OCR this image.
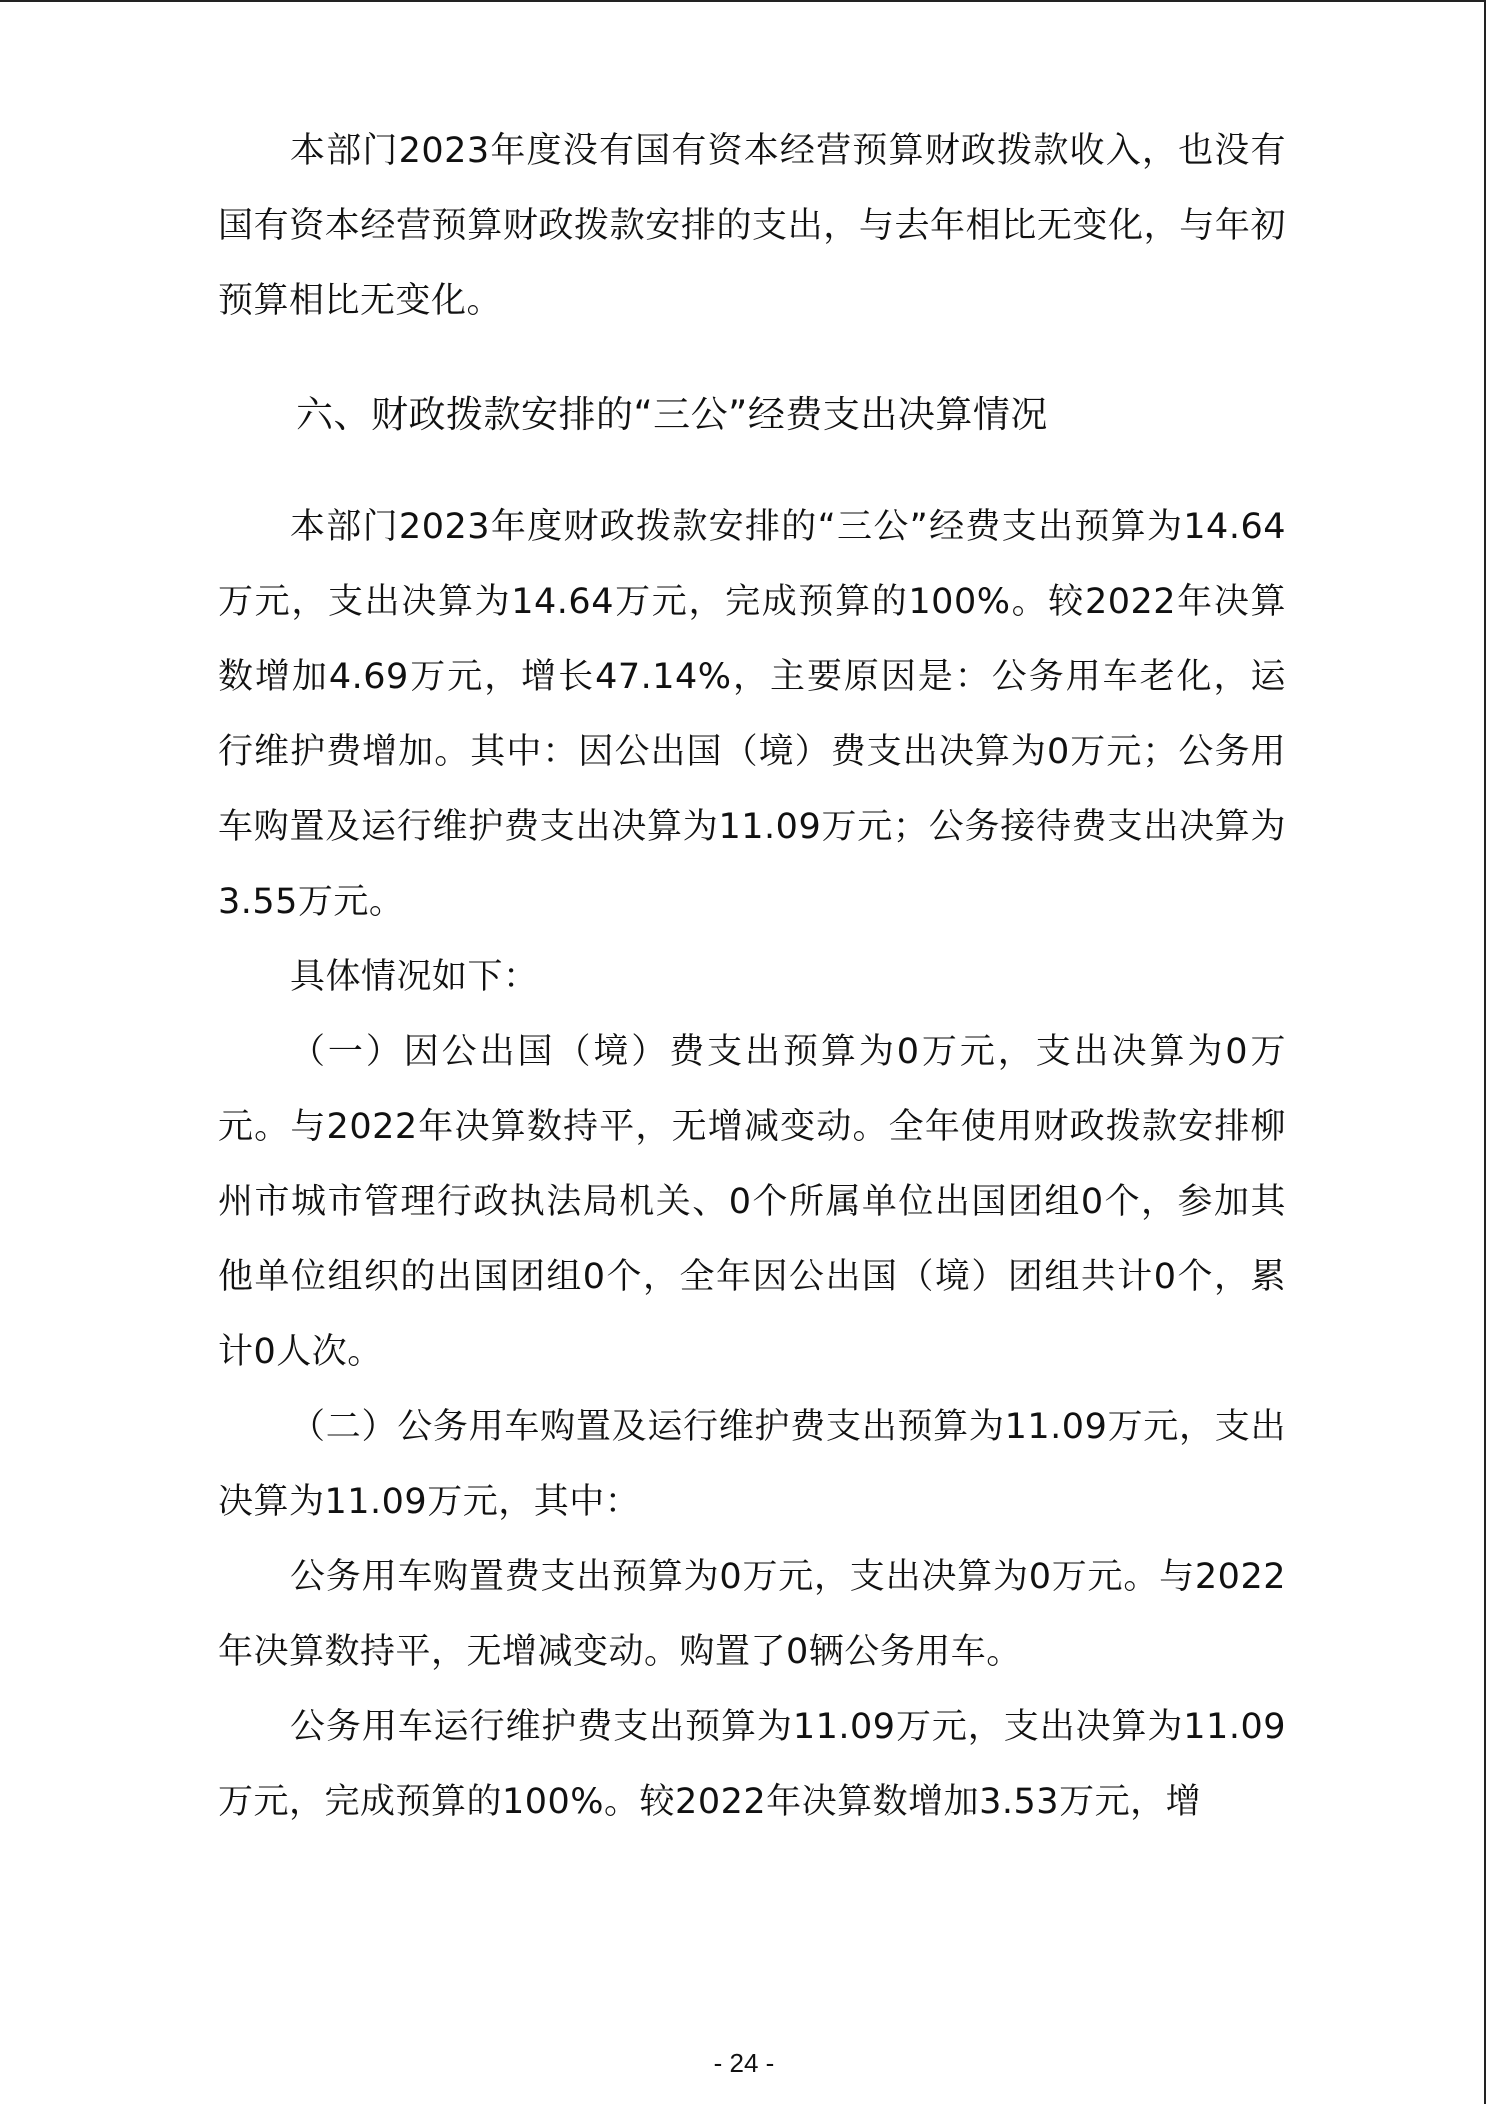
本部门2023年度没有国有资本经营预算财政拨款收入，也没有国有资本经营预算财政拨款安排的支出，与去年相比无变化，与年初预算相比无变化。

六、财政拨款安排的“三公”经费支出决算情况

本部门2023年度财政拨款安排的“三公”经费支出预算为14.64万元，支出决算为14.64万元，完成预算的100%。较2022年决算数增加4.69万元，增长47.14%，主要原因是：公务用车老化，运行维护费增加。其中：因公出国（境）费支出决算为0万元；公务用车购置及运行维护费支出决算为11.09万元；公务接待费支出决算为3.55万元。

具体情况如下：

（一）因公出国（境）费支出预算为0万元，支出决算为0万元。与2022年决算数持平，无增减变动。全年使用财政拨款安排柳州市城市管理行政执法局机关、0个所属单位出国团组0个，参加其他单位组织的出国团组0个，全年因公出国（境）团组共计0个，累计0人次。

（二）公务用车购置及运行维护费支出预算为11.09万元，支出决算为11.09万元，其中：

公务用车购置费支出预算为0万元，支出决算为0万元。与2022年决算数持平，无增减变动。购置了0辆公务用车。

公务用车运行维护费支出预算为11.09万元，支出决算为11.09万元，完成预算的100%。较2022年决算数增加3.53万元，增

- 24 -
